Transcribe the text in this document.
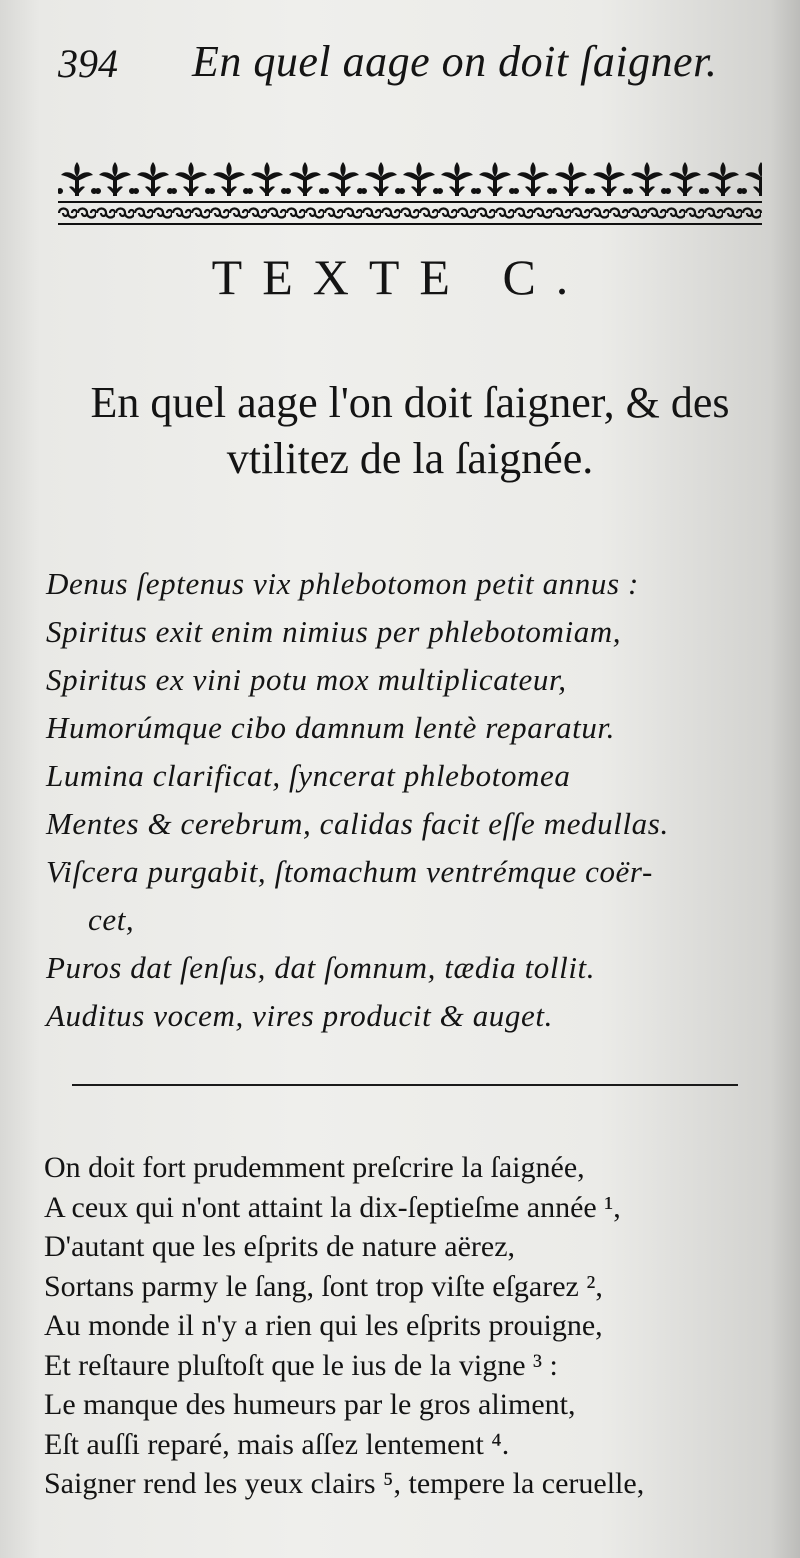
394 En quel aage on doit ſaigner.
TEXTE C.
En quel aage l'on doit ſaigner, & des
vtilitez de la ſaignée.
Denus ſeptenus vix phlebotomon petit annus :
Spiritus exit enim nimius per phlebotomiam,
Spiritus ex vini potu mox multiplicateur,
Humorúmque cibo damnum lentè reparatur.
Lumina clarificat, ſyncerat phlebotomea
Mentes & cerebrum, calidas facit eſſe medullas.
Viſcera purgabit, ſtomachum ventrémque coër-
cet,
Puros dat ſenſus, dat ſomnum, tædia tollit.
Auditus vocem, vires producit & auget.
On doit fort prudemment preſcrire la ſaignée,
A ceux qui n'ont attaint la dix-ſeptieſme année ¹,
D'autant que les eſprits de nature aërez,
Sortans parmy le ſang, ſont trop viſte eſgarez ²,
Au monde il n'y a rien qui les eſprits prouigne,
Et reſtaure pluſtoſt que le ius de la vigne ³ :
Le manque des humeurs par le gros aliment,
Eſt auſſi reparé, mais aſſez lentement ⁴.
Saigner rend les yeux clairs ⁵, tempere la ceruelle,
